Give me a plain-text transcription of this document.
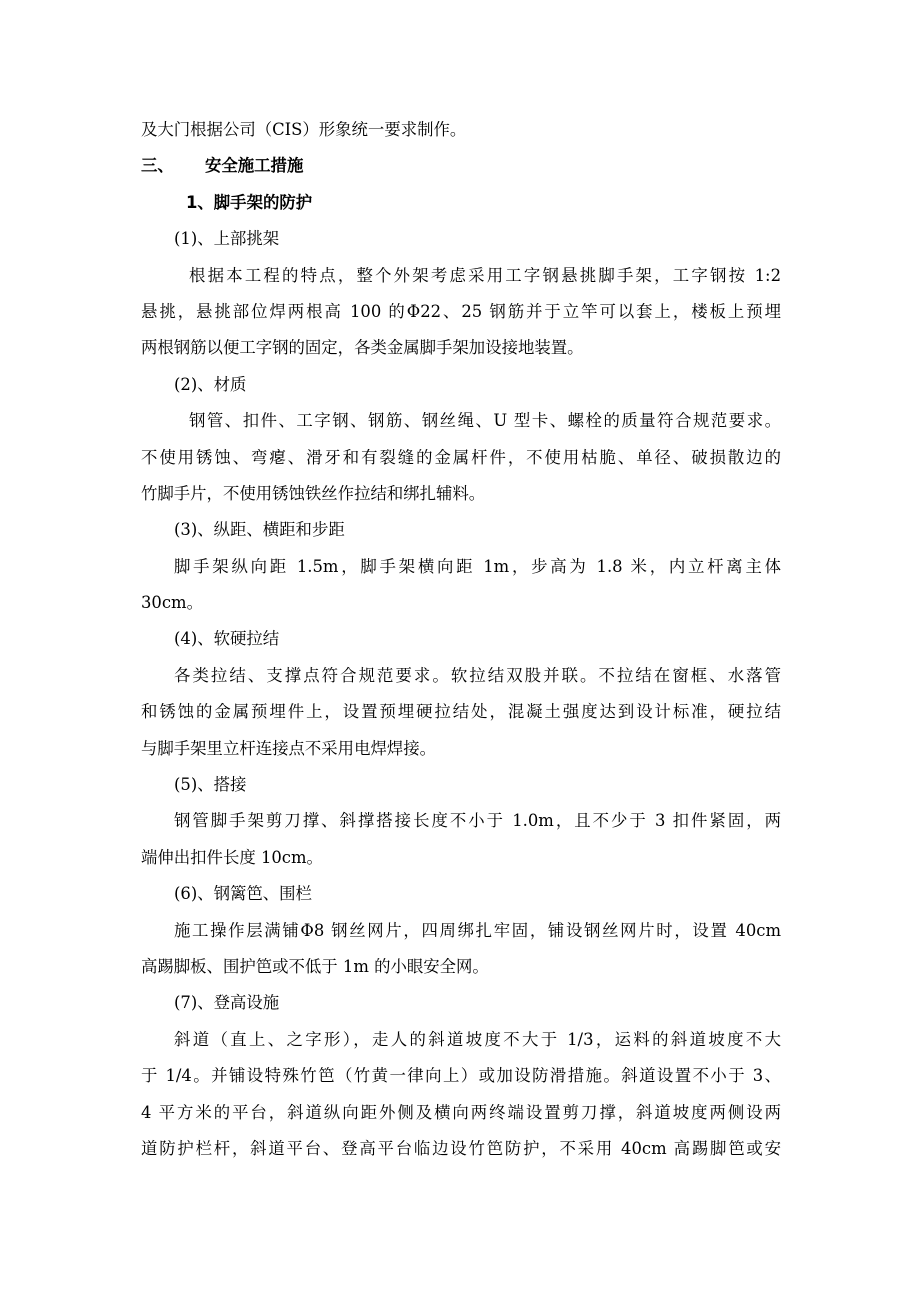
及大门根据公司（CIS）形象统一要求制作。
三、	安全施工措施
1、脚手架的防护
(1)、上部挑架
根据本工程的特点，整个外架考虑采用工字钢悬挑脚手架，工字钢按 1:2
悬挑，悬挑部位焊两根高 100 的Φ22、25 钢筋并于立竿可以套上，楼板上预埋
两根钢筋以便工字钢的固定，各类金属脚手架加设接地装置。
(2)、材质
钢管、扣件、工字钢、钢筋、钢丝绳、U 型卡、螺栓的质量符合规范要求。
不使用锈蚀、弯瘪、滑牙和有裂缝的金属杆件，不使用枯脆、单径、破损散边的
竹脚手片，不使用锈蚀铁丝作拉结和绑扎辅料。
(3)、纵距、横距和步距
脚手架纵向距 1.5m，脚手架横向距 1m，步高为 1.8 米，内立杆离主体
30cm。
(4)、软硬拉结
各类拉结、支撑点符合规范要求。软拉结双股并联。不拉结在窗框、水落管
和锈蚀的金属预埋件上，设置预埋硬拉结处，混凝土强度达到设计标准，硬拉结
与脚手架里立杆连接点不采用电焊焊接。
(5)、搭接
钢管脚手架剪刀撑、斜撑搭接长度不小于 1.0m，且不少于 3 扣件紧固，两
端伸出扣件长度 10cm。
(6)、钢篱笆、围栏
施工操作层满铺Φ8 钢丝网片，四周绑扎牢固，铺设钢丝网片时，设置 40cm
高踢脚板、围护笆或不低于 1m 的小眼安全网。
(7)、登高设施
斜道（直上、之字形），走人的斜道坡度不大于 1/3，运料的斜道坡度不大
于 1/4。并铺设特殊竹笆（竹黄一律向上）或加设防滑措施。斜道设置不小于 3、
4 平方米的平台，斜道纵向距外侧及横向两终端设置剪刀撑，斜道坡度两侧设两
道防护栏杆，斜道平台、登高平台临边设竹笆防护，不采用 40cm 高踢脚笆或安
